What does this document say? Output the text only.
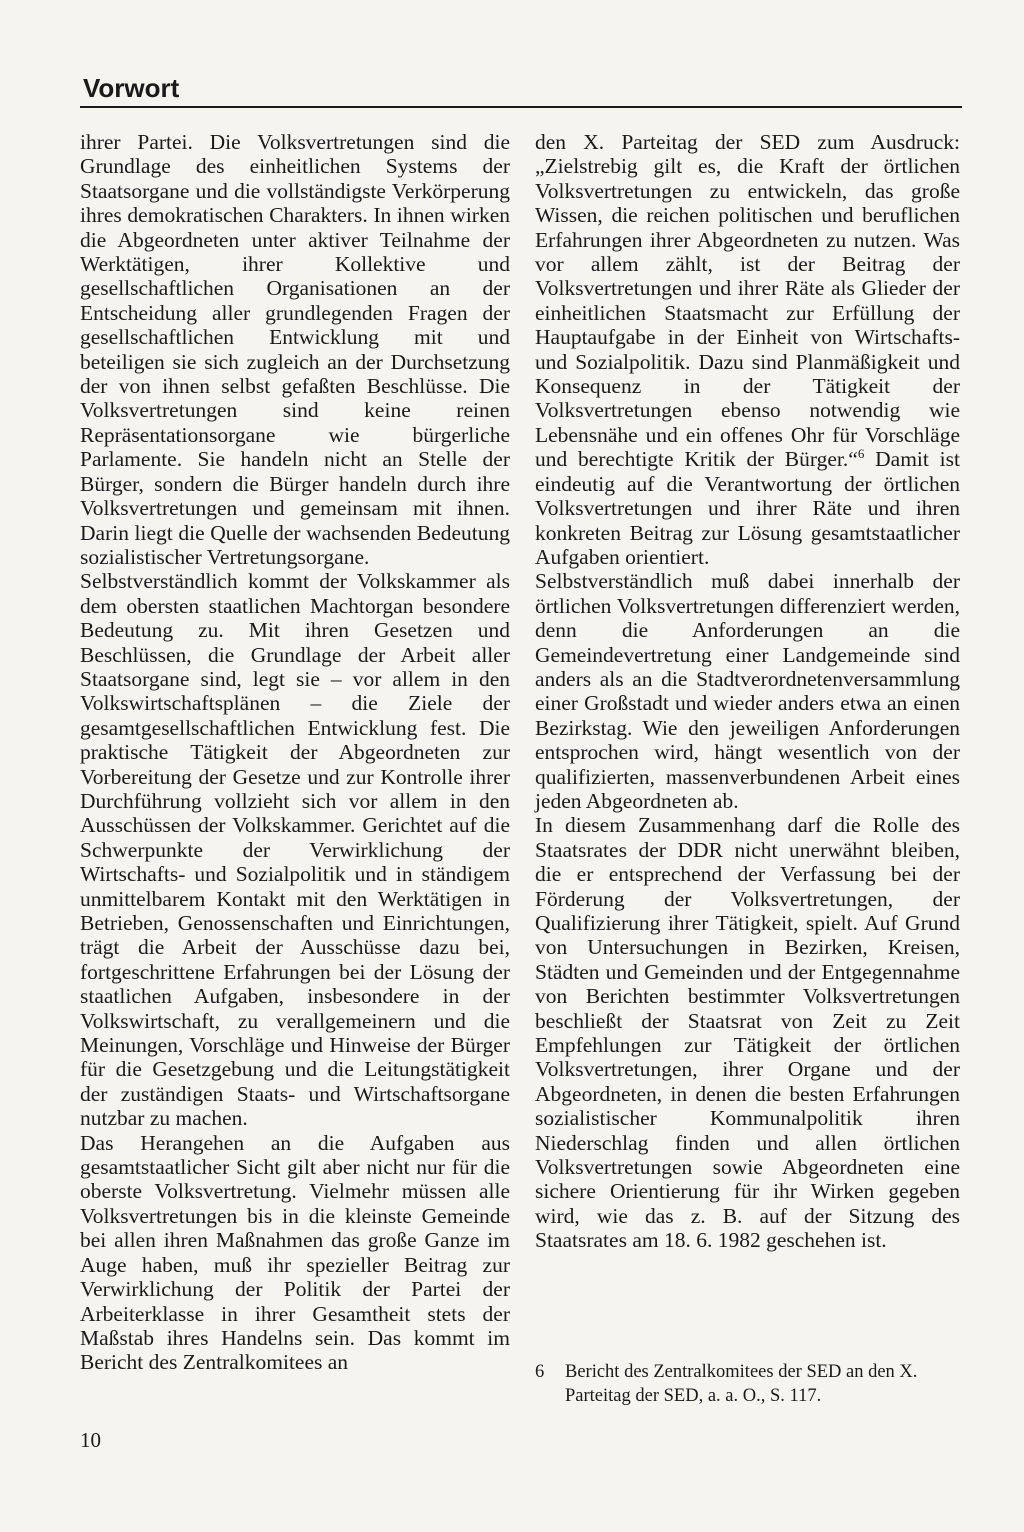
Vorwort

ihrer Partei. Die Volksvertretungen sind die Grundlage des einheitlichen Systems der Staatsorgane und die vollständigste Verkörperung ihres demokratischen Charakters. In ihnen wirken die Abgeordneten unter aktiver Teilnahme der Werktätigen, ihrer Kollektive und gesellschaftlichen Organisationen an der Entscheidung aller grundlegenden Fragen der gesellschaftlichen Entwicklung mit und beteiligen sie sich zugleich an der Durchsetzung der von ihnen selbst gefaßten Beschlüsse. Die Volksvertretungen sind keine reinen Repräsentationsorgane wie bürgerliche Parlamente. Sie handeln nicht an Stelle der Bürger, sondern die Bürger handeln durch ihre Volksvertretungen und gemeinsam mit ihnen. Darin liegt die Quelle der wachsenden Bedeutung sozialistischer Vertretungsorgane.

Selbstverständlich kommt der Volkskammer als dem obersten staatlichen Machtorgan besondere Bedeutung zu. Mit ihren Gesetzen und Beschlüssen, die Grundlage der Arbeit aller Staatsorgane sind, legt sie – vor allem in den Volkswirtschaftsplänen – die Ziele der gesamtgesellschaftlichen Entwicklung fest. Die praktische Tätigkeit der Abgeordneten zur Vorbereitung der Gesetze und zur Kontrolle ihrer Durchführung vollzieht sich vor allem in den Ausschüssen der Volkskammer. Gerichtet auf die Schwerpunkte der Verwirklichung der Wirtschafts- und Sozialpolitik und in ständigem unmittelbarem Kontakt mit den Werktätigen in Betrieben, Genossenschaften und Einrichtungen, trägt die Arbeit der Ausschüsse dazu bei, fortgeschrittene Erfahrungen bei der Lösung der staatlichen Aufgaben, insbesondere in der Volkswirtschaft, zu verallgemeinern und die Meinungen, Vorschläge und Hinweise der Bürger für die Gesetzgebung und die Leitungstätigkeit der zuständigen Staats- und Wirtschaftsorgane nutzbar zu machen.

Das Herangehen an die Aufgaben aus gesamtstaatlicher Sicht gilt aber nicht nur für die oberste Volksvertretung. Vielmehr müssen alle Volksvertretungen bis in die kleinste Gemeinde bei allen ihren Maßnahmen das große Ganze im Auge haben, muß ihr spezieller Beitrag zur Verwirklichung der Politik der Partei der Arbeiterklasse in ihrer Gesamtheit stets der Maßstab ihres Handelns sein. Das kommt im Bericht des Zentralkomitees an

den X. Parteitag der SED zum Ausdruck: „Zielstrebig gilt es, die Kraft der örtlichen Volksvertretungen zu entwickeln, das große Wissen, die reichen politischen und beruflichen Erfahrungen ihrer Abgeordneten zu nutzen. Was vor allem zählt, ist der Beitrag der Volksvertretungen und ihrer Räte als Glieder der einheitlichen Staatsmacht zur Erfüllung der Hauptaufgabe in der Einheit von Wirtschafts- und Sozialpolitik. Dazu sind Planmäßigkeit und Konsequenz in der Tätigkeit der Volksvertretungen ebenso notwendig wie Lebensnähe und ein offenes Ohr für Vorschläge und berechtigte Kritik der Bürger.“$^6$ Damit ist eindeutig auf die Verantwortung der örtlichen Volksvertretungen und ihrer Räte und ihren konkreten Beitrag zur Lösung gesamtstaatlicher Aufgaben orientiert.

Selbstverständlich muß dabei innerhalb der örtlichen Volksvertretungen differenziert werden, denn die Anforderungen an die Gemeindevertretung einer Landgemeinde sind anders als an die Stadtverordnetenversammlung einer Großstadt und wieder anders etwa an einen Bezirkstag. Wie den jeweiligen Anforderungen entsprochen wird, hängt wesentlich von der qualifizierten, massenverbundenen Arbeit eines jeden Abgeordneten ab.

In diesem Zusammenhang darf die Rolle des Staatsrates der DDR nicht unerwähnt bleiben, die er entsprechend der Verfassung bei der Förderung der Volksvertretungen, der Qualifizierung ihrer Tätigkeit, spielt. Auf Grund von Untersuchungen in Bezirken, Kreisen, Städten und Gemeinden und der Entgegennahme von Berichten bestimmter Volksvertretungen beschließt der Staatsrat von Zeit zu Zeit Empfehlungen zur Tätigkeit der örtlichen Volksvertretungen, ihrer Organe und der Abgeordneten, in denen die besten Erfahrungen sozialistischer Kommunalpolitik ihren Niederschlag finden und allen örtlichen Volksvertretungen sowie Abgeordneten eine sichere Orientierung für ihr Wirken gegeben wird, wie das z. B. auf der Sitzung des Staatsrates am 18. 6. 1982 geschehen ist.

6 Bericht des Zentralkomitees der SED an den X. Parteitag der SED, a. a. O., S. 117.
10
